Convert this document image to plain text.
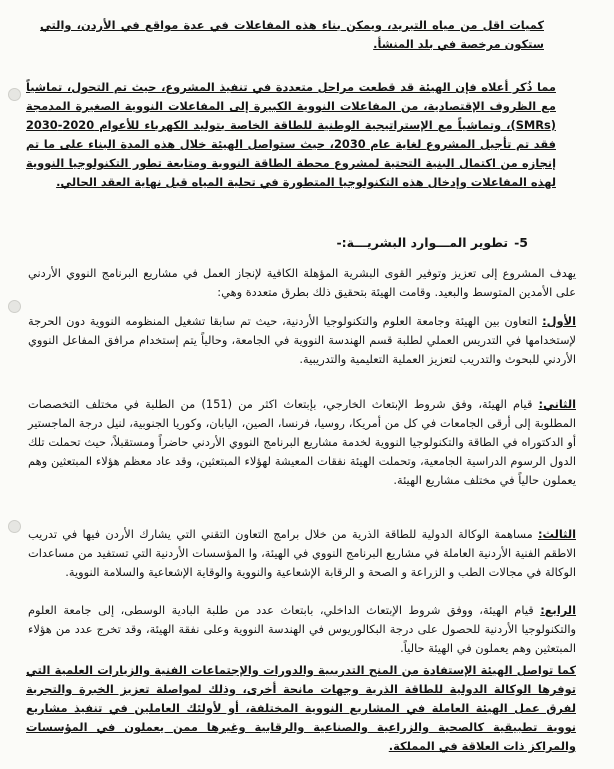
كميات اقل من مياه التبريد، ويمكن بناء هذه المفاعلات في عدة مواقع في الأردن، والتي ستكون مرخصة في بلد المنشأ.

مما ذُكر أعلاه فإن الهيئة قد قطعت مراحل متعددة في تنفيذ المشروع، حيث تم التحول، تماشياً مع الظروف الإقتصادية، من المفاعلات النووية الكبيرة إلى المفاعلات النووية الصغيرة المدمجة (SMRs)، وتماشياً مع الإستراتيجية الوطنية للطاقة الخاصة بتوليد الكهرباء للأعوام 2020-2030 فقد تم تأجيل المشروع لغاية عام 2030، حيث ستواصل الهيئة خلال هذه المدة البناء على ما تم إنجازه من اكتمال البنية التحتية لمشروع محطة الطاقة النووية ومتابعة تطور التكنولوجيا النووية لهذه المفاعلات وإدخال هذه التكنولوجيا المتطورة في تحلية المياه قبل نهاية العقد الحالي.

5-تطوير المـــوارد البشريـــة:-

يهدف المشروع إلى تعزيز وتوفير القوى البشرية المؤهلة الكافية لإنجاز العمل في مشاريع البرنامج النووي الأردني على الأمدين المتوسط والبعيد. وقامت الهيئة بتحقيق ذلك بطرق متعددة وهي:

الأول: التعاون بين الهيئة وجامعة العلوم والتكنولوجيا الأردنية، حيث تم سابقا تشغيل المنظومه النووية دون الحرجة لإستخدامها في التدريس العملي لطلبة قسم الهندسة النووية في الجامعة، وحالياً يتم إستخدام مرافق المفاعل النووي الأردني للبحوث والتدريب لتعزيز العملية التعليمية والتدريبية.

الثاني: قيام الهيئة، وفق شروط الإبتعاث الخارجي، بإبتعاث اكثر من (151) من الطلبة في مختلف التخصصات المطلوبة إلى أرقى الجامعات في كل من أمريكا، روسيا، فرنسا، الصين، اليابان، وكوريا الجنوبية، لنيل درجة الماجستير أو الدكتوراه في الطاقة والتكنولوجيا النووية لخدمة مشاريع البرنامج النووي الأردني حاضراً ومستقبلاً، حيث تحملت تلك الدول الرسوم الدراسية الجامعية، وتحملت الهيئة نفقات المعيشة لهؤلاء المبتعثين، وقد عاد معظم هؤلاء المبتعثين وهم يعملون حالياً في مختلف مشاريع الهيئة.

الثالث: مساهمة الوكالة الدولية للطاقة الذرية من خلال برامج التعاون التقني التي يشارك الأردن فيها في تدريب الاطقم الفنية الأردنية العاملة في مشاريع البرنامج النووي في الهيئة، وا المؤسسات الأردنية التي تستفيد من مساعدات الوكالة في مجالات الطب و الزراعة و الصحة و الرقابة الإشعاعية والنووية والوقاية الإشعاعية والسلامة النووية.

الرابع: قيام الهيئة، ووفق شروط الإبتعاث الداخلي، بابتعاث عدد من طلبة البادية الوسطى، إلى جامعة العلوم والتكنولوجيا الأردنية للحصول على درجة البكالوريوس في الهندسة النووية وعلى نفقة الهيئة، وقد تخرج عدد من هؤلاء المبتعثين وهم يعملون في الهيئة حالياً.

كما تواصل الهيئة الإستفادة من المنح التدريبية والدورات والإجتماعات الفنية والزيارات العلمية التي توفرها الوكالة الدولية للطاقة الذرية وجهات مانحة أخرى، وذلك لمواصلة تعزيز الخبرة والتجربة لفرق عمل الهيئة العاملة في المشاريع النووية المختلفة، أو لأولئك العاملين في تنفيذ مشاريع نووية تطبيقية كالصحية والزراعية والصناعية والرقابية وغيرها ممن يعملون في المؤسسات والمراكز ذات العلاقة في المملكة.
